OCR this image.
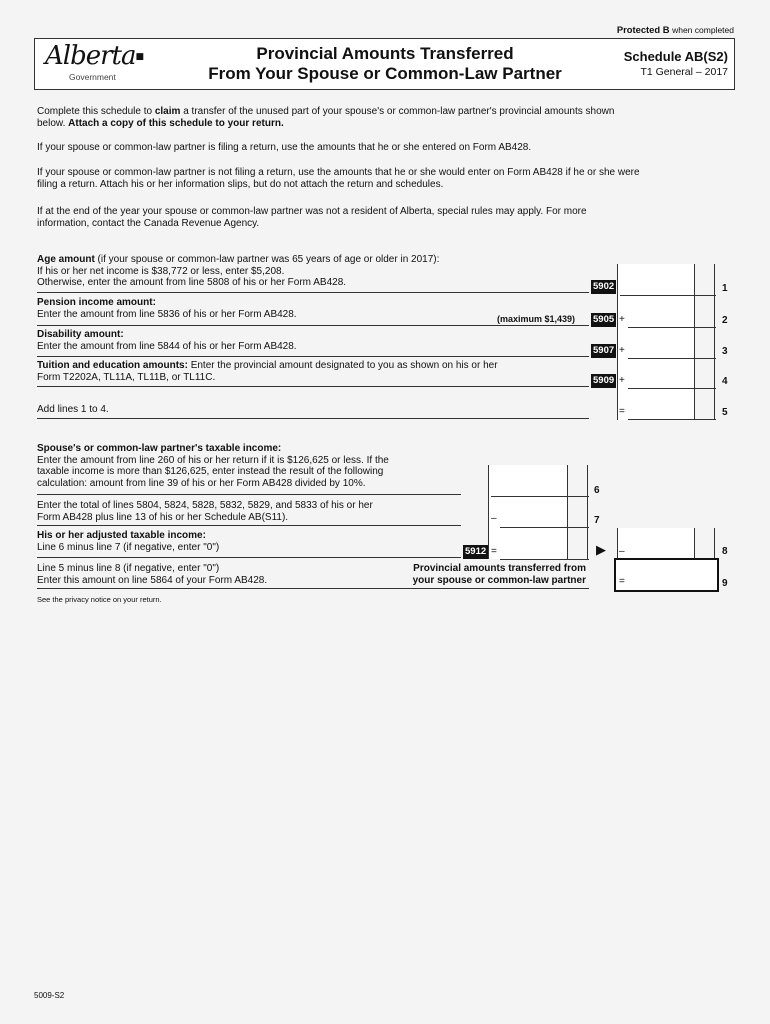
Protected B when completed
Alberta■
Government
Provincial Amounts Transferred
From Your Spouse or Common-Law Partner
Schedule AB(S2)
T1 General – 2017
Complete this schedule to claim a transfer of the unused part of your spouse's or common-law partner's provincial amounts shown
below. Attach a copy of this schedule to your return.
If your spouse or common-law partner is filing a return, use the amounts that he or she entered on Form AB428.
If your spouse or common-law partner is not filing a return, use the amounts that he or she would enter on Form AB428 if he or she were
filing a return. Attach his or her information slips, but do not attach the return and schedules.
If at the end of the year your spouse or common-law partner was not a resident of Alberta, special rules may apply. For more
information, contact the Canada Revenue Agency.
Age amount (if your spouse or common-law partner was 65 years of age or older in 2017):
If his or her net income is $38,772 or less, enter $5,208.
Otherwise, enter the amount from line 5808 of his or her Form AB428.	5902	1
Pension income amount:
Enter the amount from line 5836 of his or her Form AB428.	(maximum $1,439) 5905 +	2
Disability amount:
Enter the amount from line 5844 of his or her Form AB428.	5907 +	3
Tuition and education amounts: Enter the provincial amount designated to you as shown on his or her
Form T2202A, TL11A, TL11B, or TL11C.	5909 +	4
Add lines 1 to 4.	=	5
Spouse's or common-law partner's taxable income:
Enter the amount from line 260 of his or her return if it is $126,625 or less. If the
taxable income is more than $126,625, enter instead the result of the following
calculation: amount from line 39 of his or her Form AB428 divided by 10%.
6
Enter the total of lines 5804, 5824, 5828, 5832, 5829, and 5833 of his or her
Form AB428 plus line 13 of his or her Schedule AB(S11).	–	7
His or her adjusted taxable income:
Line 6 minus line 7 (if negative, enter "0")	5912 =	▶ –	8
Line 5 minus line 8 (if negative, enter "0")
Enter this amount on line 5864 of your Form AB428.
Provincial amounts transferred from
your spouse or common-law partner	=	9
See the privacy notice on your return.
5009-S2
